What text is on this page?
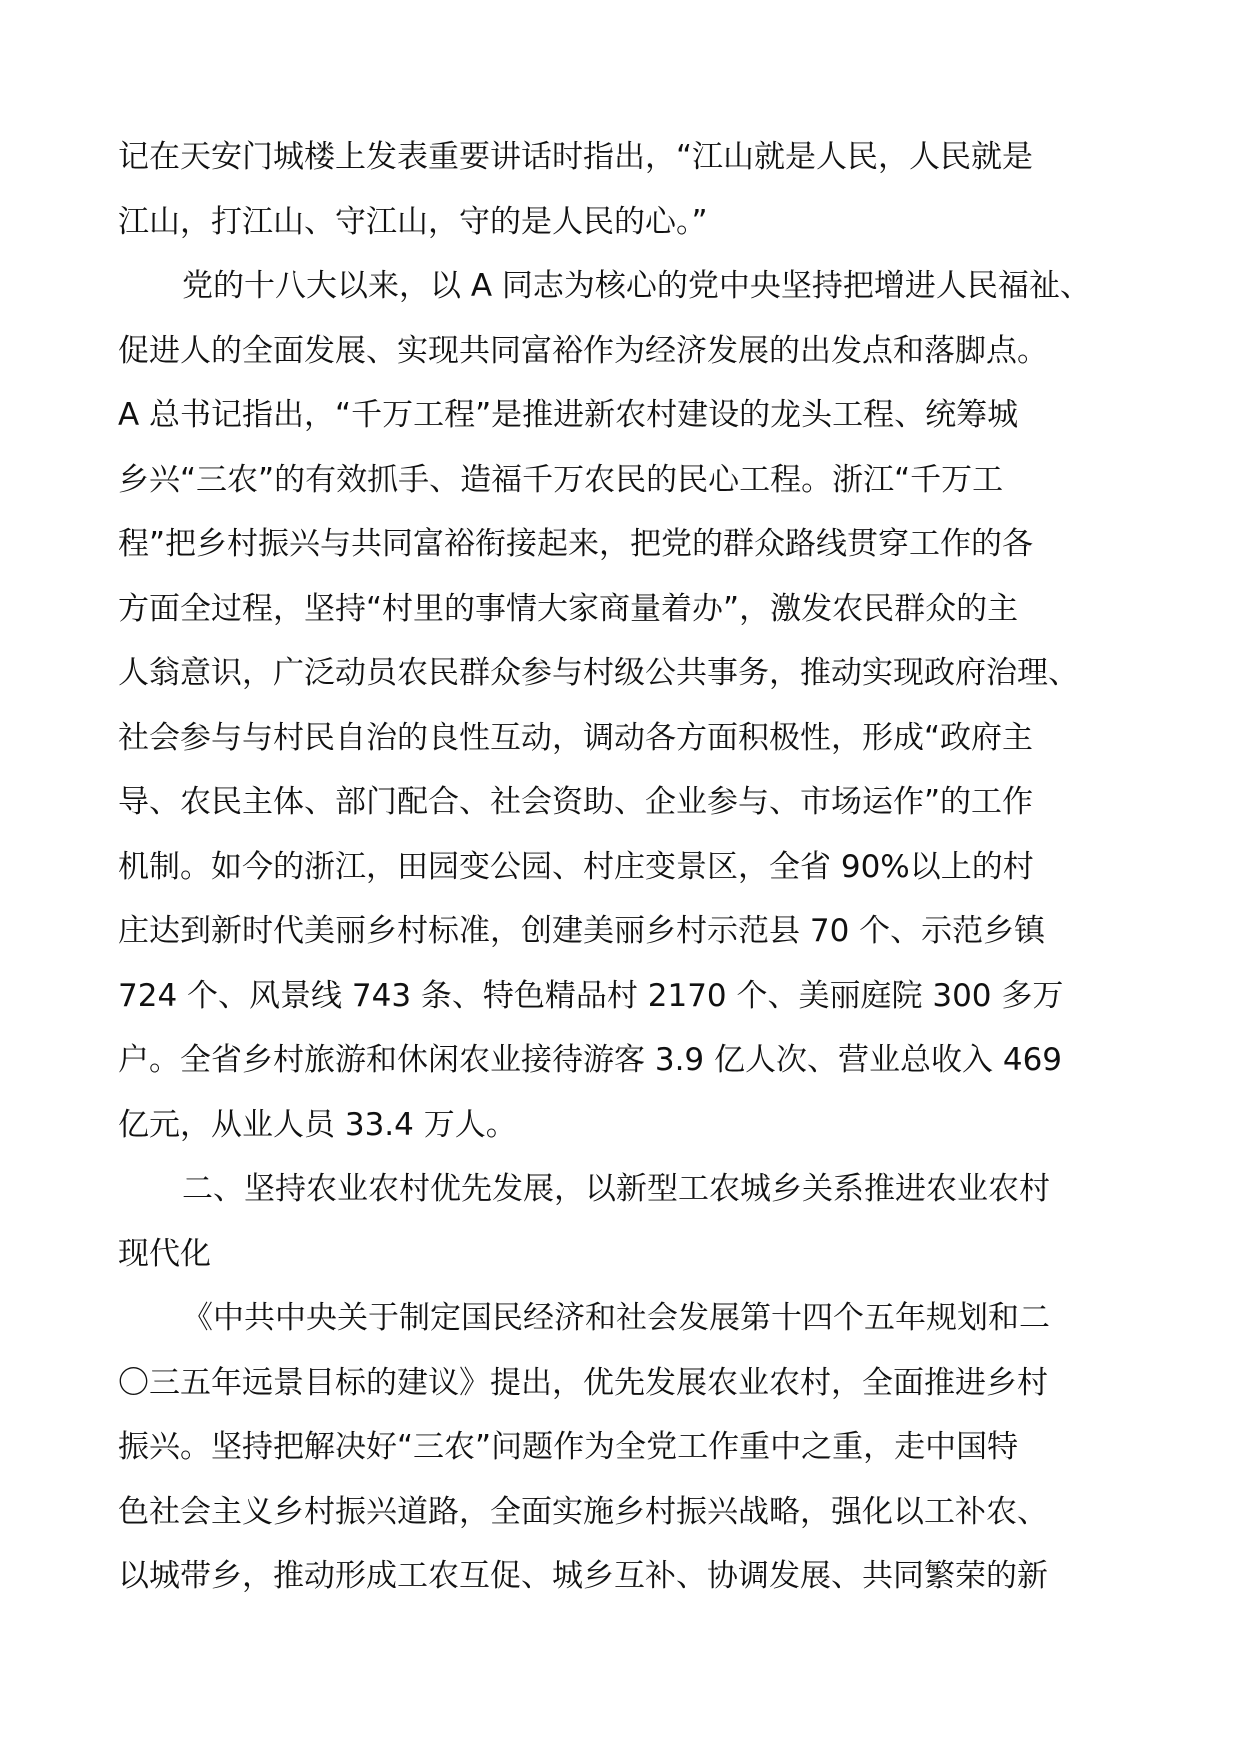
记在天安门城楼上发表重要讲话时指出，“江山就是人民，人民就是
江山，打江山、守江山，守的是人民的心。”
党的十八大以来，以 A 同志为核心的党中央坚持把增进人民福祉、
促进人的全面发展、实现共同富裕作为经济发展的出发点和落脚点。
A 总书记指出，“千万工程”是推进新农村建设的龙头工程、统筹城
乡兴“三农”的有效抓手、造福千万农民的民心工程。浙江“千万工
程”把乡村振兴与共同富裕衔接起来，把党的群众路线贯穿工作的各
方面全过程，坚持“村里的事情大家商量着办”，激发农民群众的主
人翁意识，广泛动员农民群众参与村级公共事务，推动实现政府治理、
社会参与与村民自治的良性互动，调动各方面积极性，形成“政府主
导、农民主体、部门配合、社会资助、企业参与、市场运作”的工作
机制。如今的浙江，田园变公园、村庄变景区，全省 90%以上的村
庄达到新时代美丽乡村标准，创建美丽乡村示范县 70 个、示范乡镇
724 个、风景线 743 条、特色精品村 2170 个、美丽庭院 300 多万
户。全省乡村旅游和休闲农业接待游客 3.9 亿人次、营业总收入 469
亿元，从业人员 33.4 万人。
二、坚持农业农村优先发展，以新型工农城乡关系推进农业农村
现代化
《中共中央关于制定国民经济和社会发展第十四个五年规划和二
〇三五年远景目标的建议》提出，优先发展农业农村，全面推进乡村
振兴。坚持把解决好“三农”问题作为全党工作重中之重，走中国特
色社会主义乡村振兴道路，全面实施乡村振兴战略，强化以工补农、
以城带乡，推动形成工农互促、城乡互补、协调发展、共同繁荣的新
